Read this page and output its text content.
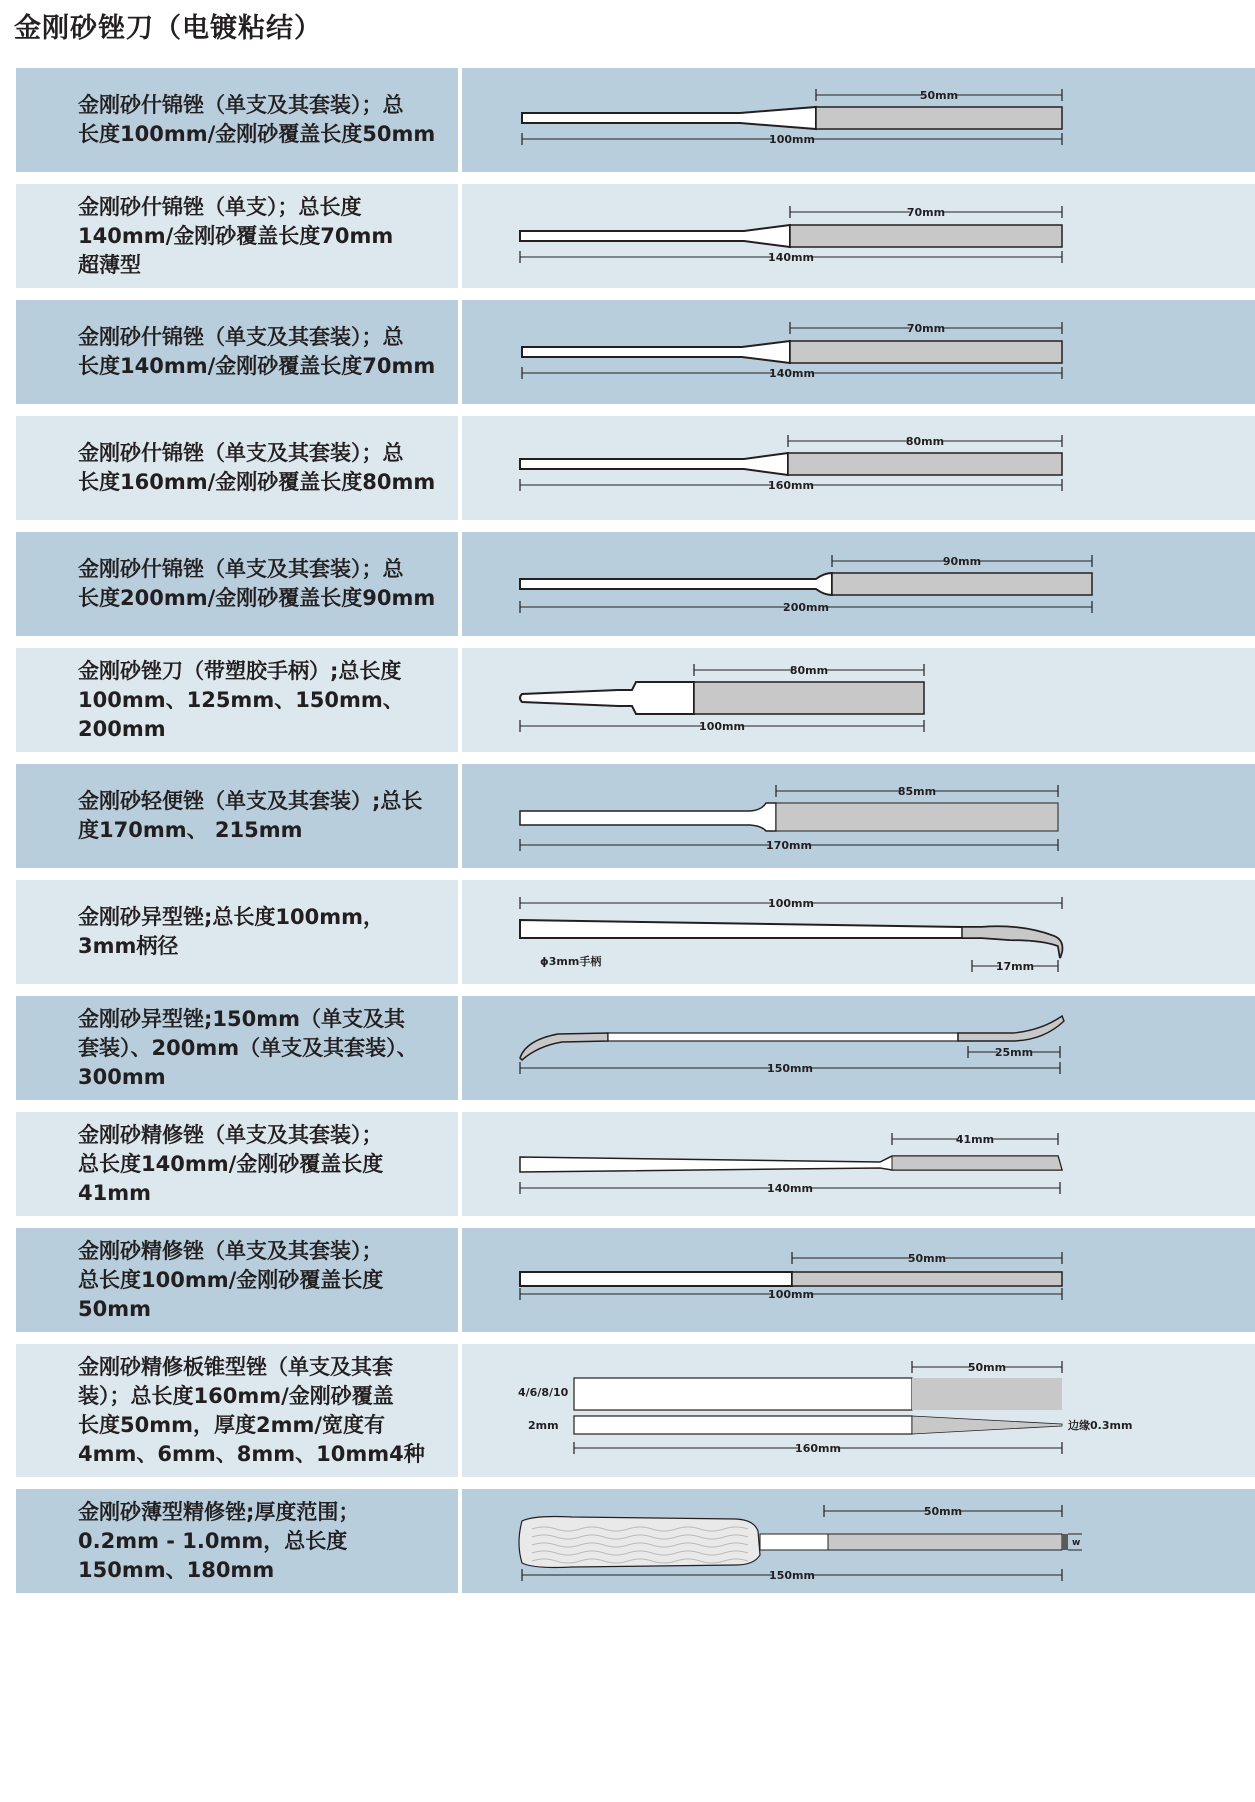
金刚砂锉刀（电镀粘结）
金刚砂什锦锉（单支及其套装）；总
长度100mm/金刚砂覆盖长度50mm
50mm
100mm
金刚砂什锦锉（单支）；总长度
140mm/金刚砂覆盖长度70mm
超薄型
70mm
140mm
金刚砂什锦锉（单支及其套装）；总
长度140mm/金刚砂覆盖长度70mm
70mm
140mm
金刚砂什锦锉（单支及其套装）；总
长度160mm/金刚砂覆盖长度80mm
80mm
160mm
金刚砂什锦锉（单支及其套装）；总
长度200mm/金刚砂覆盖长度90mm
90mm
200mm
金刚砂锉刀（带塑胶手柄）;总长度
100mm、125mm、150mm、
200mm
80mm
100mm
金刚砂轻便锉（单支及其套装）;总长
度170mm、 215mm
85mm
170mm
金刚砂异型锉;总长度100mm，
3mm柄径
100mm
17mm
ϕ3mm手柄
金刚砂异型锉;150mm（单支及其
套装）、200mm（单支及其套装）、
300mm
25mm
150mm
金刚砂精修锉（单支及其套装）；
总长度140mm/金刚砂覆盖长度
41mm
41mm
140mm
金刚砂精修锉（单支及其套装）；
总长度100mm/金刚砂覆盖长度
50mm
50mm
100mm
金刚砂精修板锥型锉（单支及其套
装）；总长度160mm/金刚砂覆盖
长度50mm，厚度2mm/宽度有
4mm、6mm、8mm、10mm4种
50mm
160mm
4/6/8/10
2mm	边缘0.3mm
金刚砂薄型精修锉;厚度范围；
0.2mm - 1.0mm，总长度
150mm、180mm
50mm
150mm
w
